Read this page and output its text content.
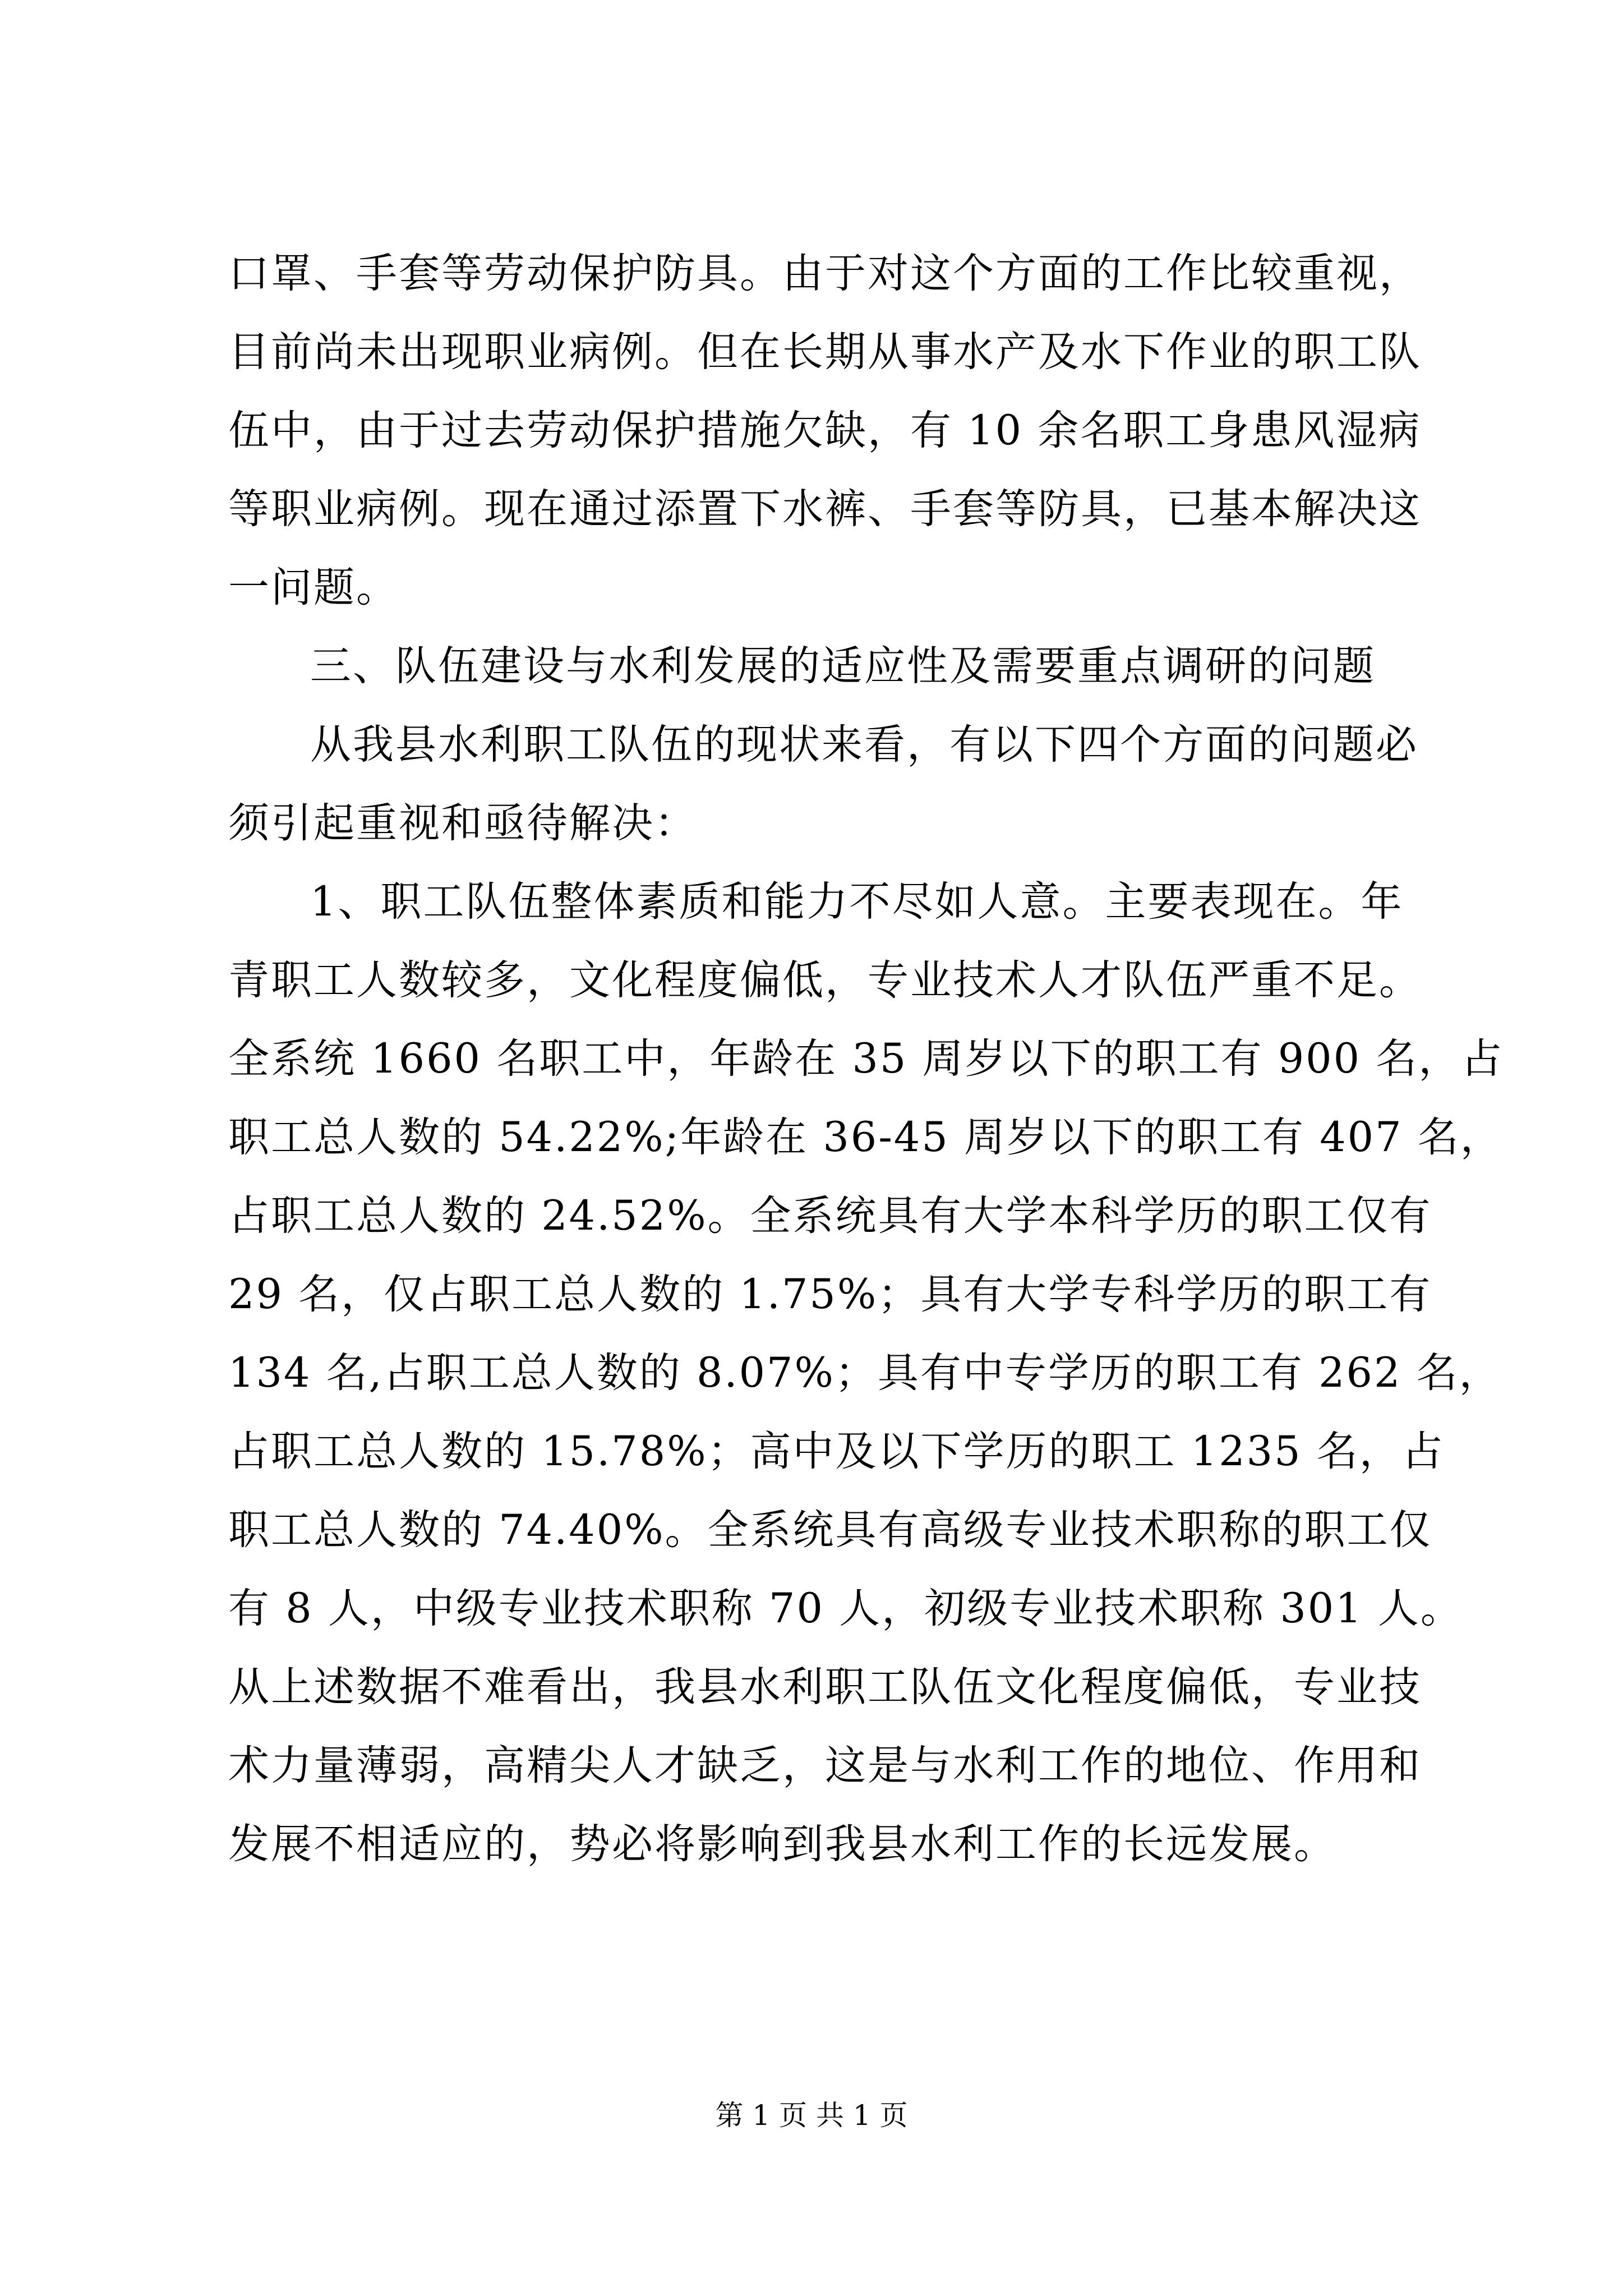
口罩、手套等劳动保护防具。由于对这个方面的工作比较重视，
目前尚未出现职业病例。但在长期从事水产及水下作业的职工队
伍中，由于过去劳动保护措施欠缺，有 10 余名职工身患风湿病
等职业病例。现在通过添置下水裤、手套等防具，已基本解决这
一问题。
三、队伍建设与水利发展的适应性及需要重点调研的问题
从我县水利职工队伍的现状来看，有以下四个方面的问题必
须引起重视和亟待解决：
1、职工队伍整体素质和能力不尽如人意。主要表现在。年
青职工人数较多，文化程度偏低，专业技术人才队伍严重不足。
全系统 1660 名职工中，年龄在 35 周岁以下的职工有 900 名，占
职工总人数的 54.22%;年龄在 36-45 周岁以下的职工有 407 名，
占职工总人数的 24.52%。全系统具有大学本科学历的职工仅有
29 名，仅占职工总人数的 1.75%；具有大学专科学历的职工有
134 名,占职工总人数的 8.07%；具有中专学历的职工有 262 名，
占职工总人数的 15.78%；高中及以下学历的职工 1235 名，占
职工总人数的 74.40%。全系统具有高级专业技术职称的职工仅
有 8 人，中级专业技术职称 70 人，初级专业技术职称 301 人。
从上述数据不难看出，我县水利职工队伍文化程度偏低，专业技
术力量薄弱，高精尖人才缺乏，这是与水利工作的地位、作用和
发展不相适应的，势必将影响到我县水利工作的长远发展。
第 1 页 共 1 页
